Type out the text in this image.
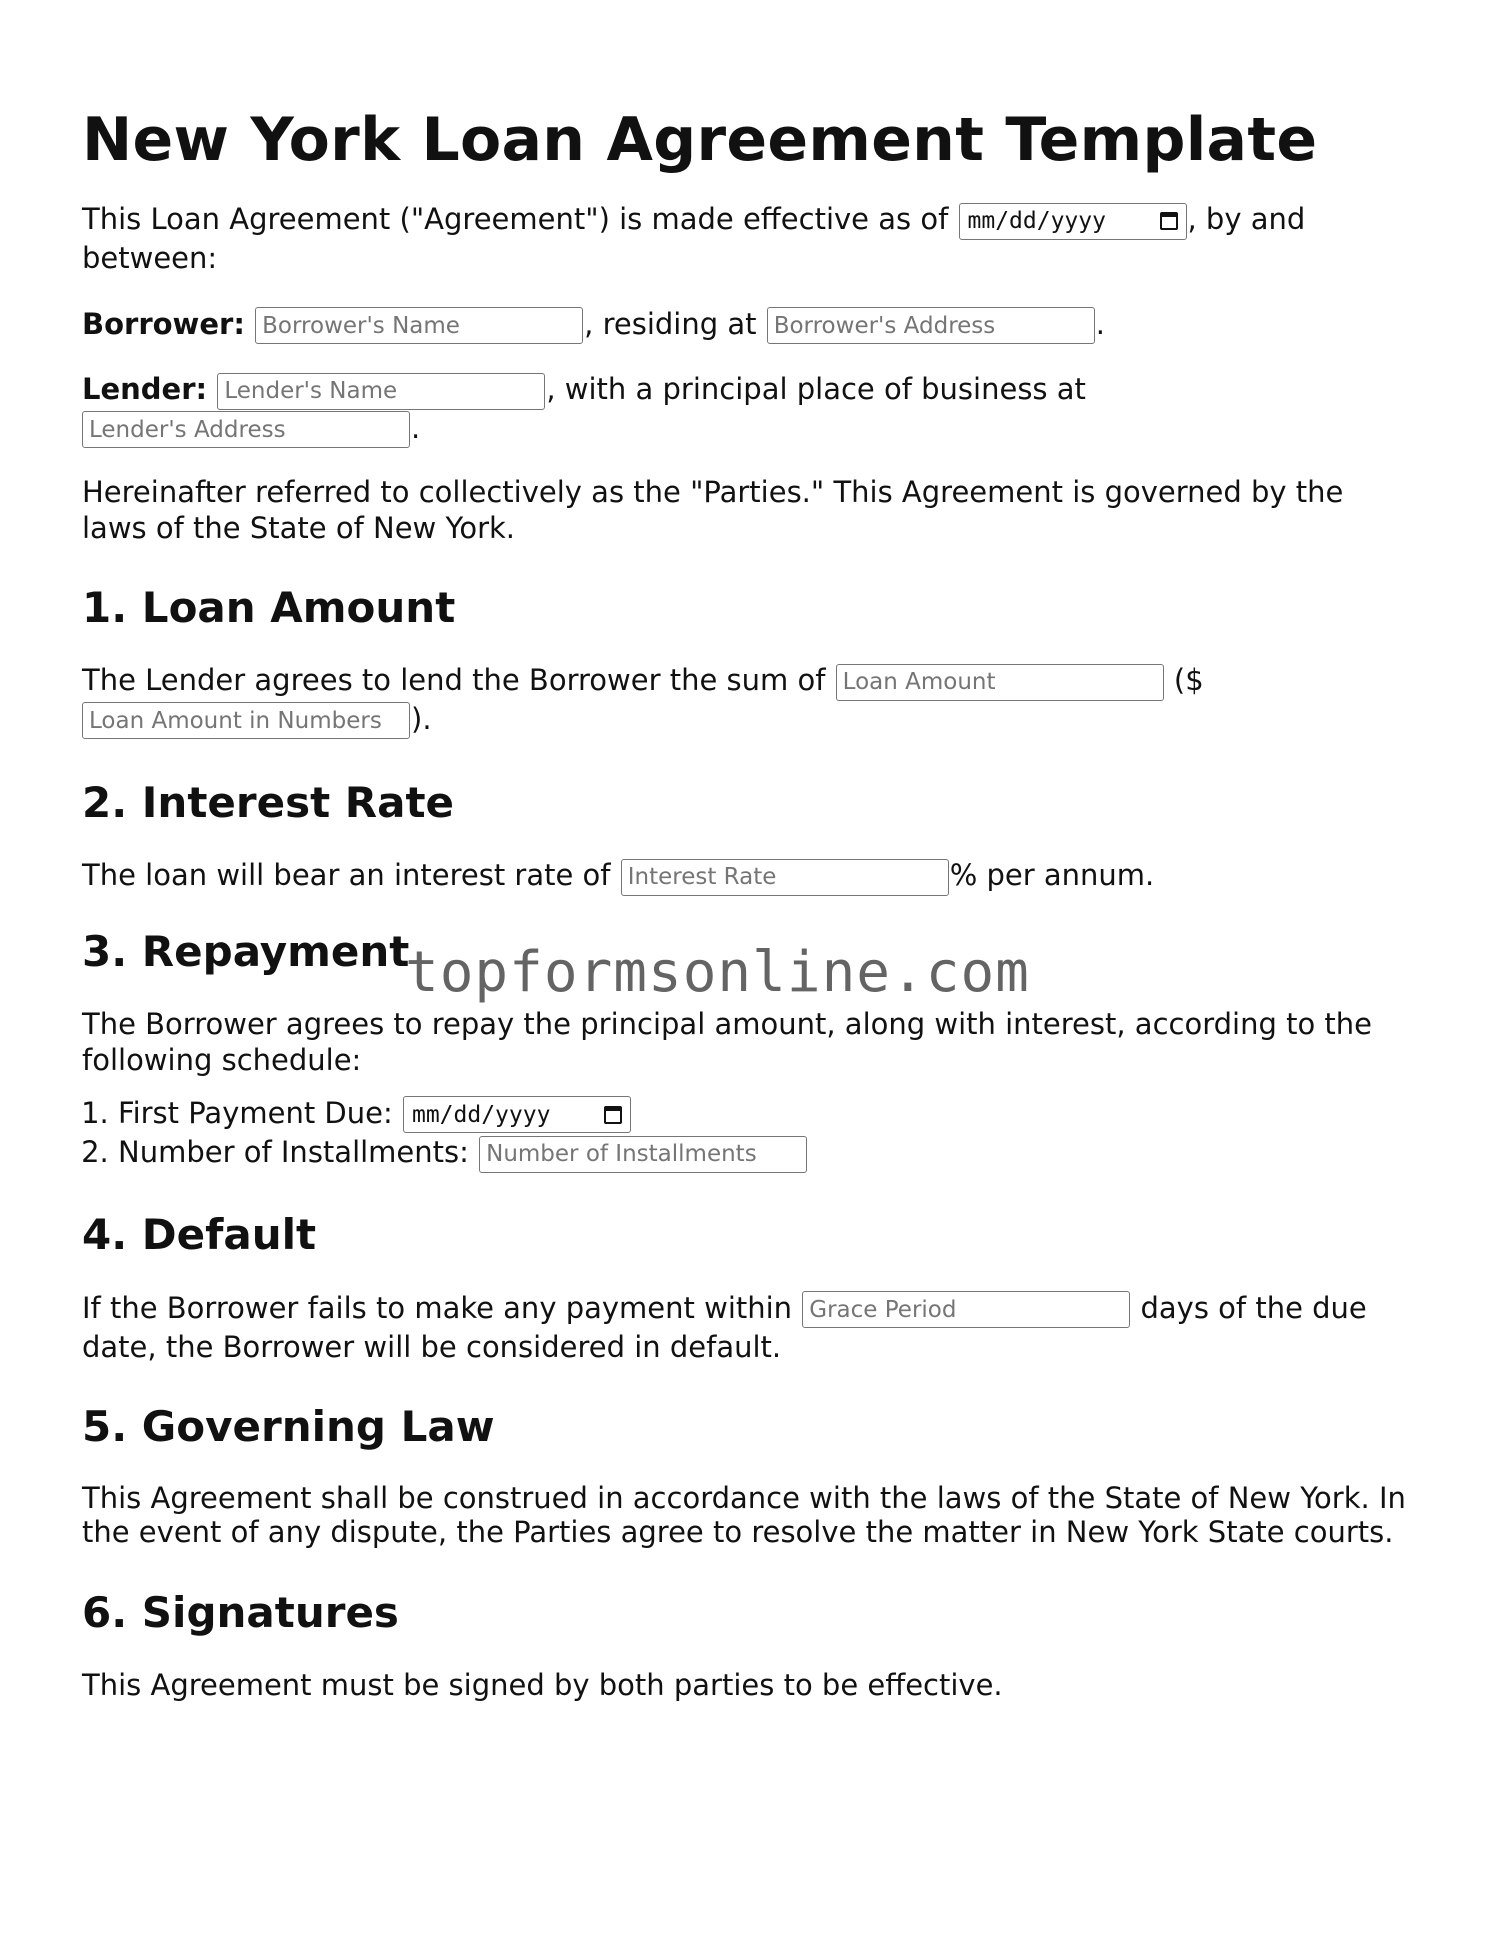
New York Loan Agreement Template

This Loan Agreement ("Agreement") is made effective as of mm/dd/yyyy	, by and between:

Borrower: Borrower's Name	, residing at Borrower's Address	.

Lender: Lender's Name	, with a principal place of business at
Lender's Address.

Hereinafter referred to collectively as the "Parties." This Agreement is governed by the laws of the State of New York.

1. Loan Amount

The Lender agrees to lend the Borrower the sum of Loan Amount	($
Loan Amount in Numbers).

2. Interest Rate

The loan will bear an interest rate of Interest Rate	% per annum.

3. Repayment

The Borrower agrees to repay the principal amount, along with interest, according to the following schedule:

1. First Payment Due: mm/dd/yyyy
2. Number of Installments: Number of Installments
4. Default

If the Borrower fails to make any payment within Grace Period	days of the due date, the Borrower will be considered in default.

5. Governing Law

This Agreement shall be construed in accordance with the laws of the State of New York. In the event of any dispute, the Parties agree to resolve the matter in New York State courts.

6. Signatures

This Agreement must be signed by both parties to be effective.

topformsonline.com
